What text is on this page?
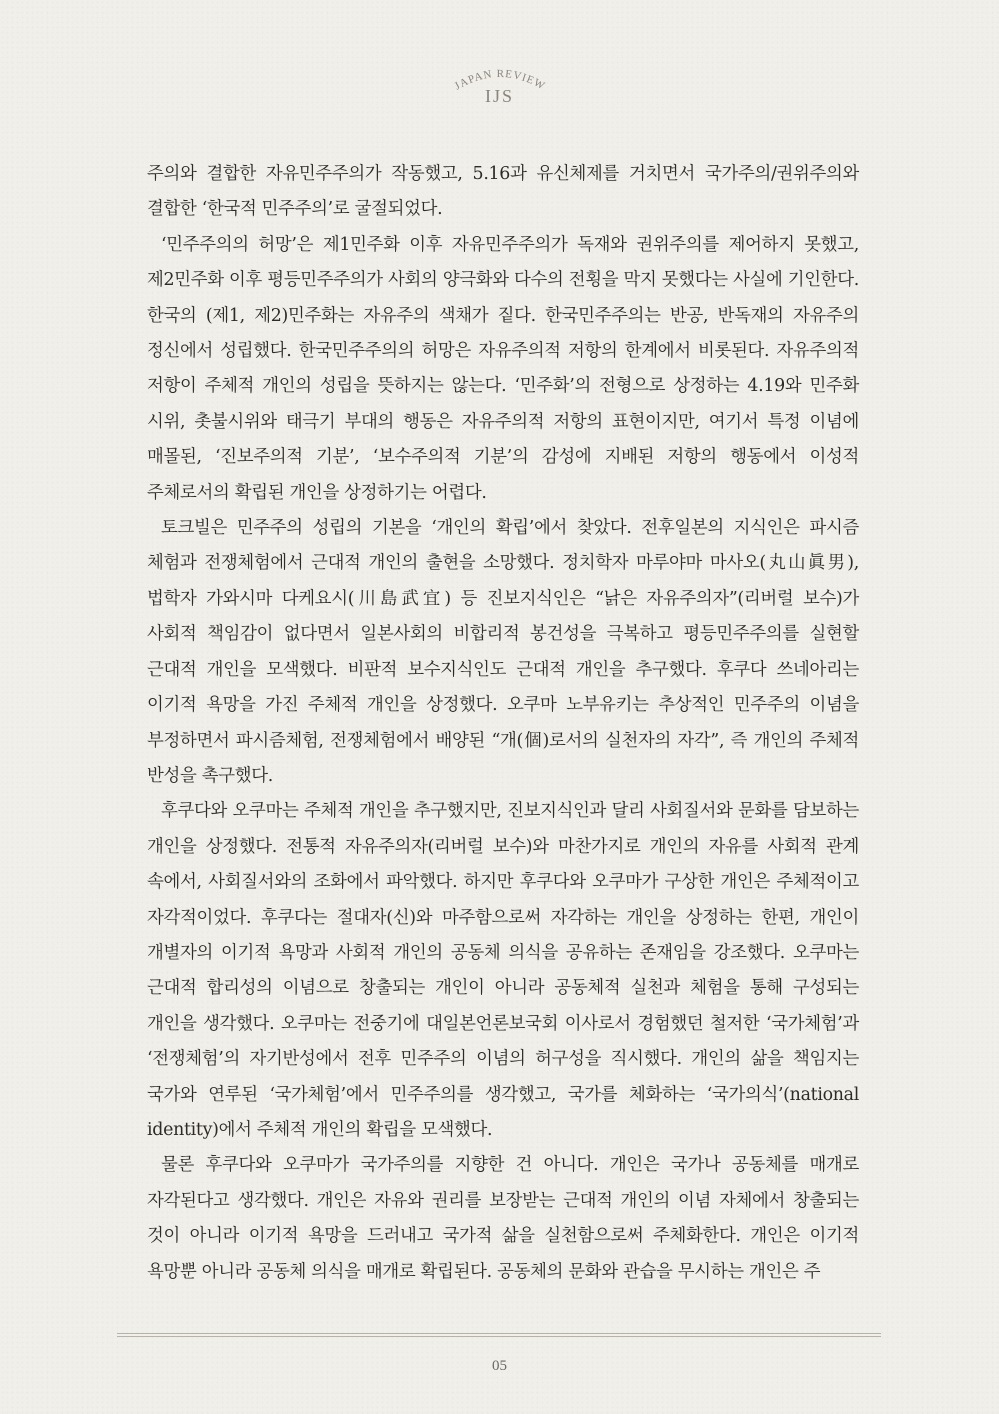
JAPAN REVIEW
IJS

주의와 결합한 자유민주주의가 작동했고, 5.16과 유신체제를 거치면서 국가주의/권위주의와 결합한 ‘한국적 민주주의’로 굴절되었다.

‘민주주의의 허망’은 제1민주화 이후 자유민주주의가 독재와 권위주의를 제어하지 못했고, 제2민주화 이후 평등민주주의가 사회의 양극화와 다수의 전횡을 막지 못했다는 사실에 기인한다. 한국의 (제1, 제2)민주화는 자유주의 색채가 짙다. 한국민주주의는 반공, 반독재의 자유주의 정신에서 성립했다. 한국민주주의의 허망은 자유주의적 저항의 한계에서 비롯된다. 자유주의적 저항이 주체적 개인의 성립을 뜻하지는 않는다. ‘민주화’의 전형으로 상정하는 4.19와 민주화 시위, 촛불시위와 태극기 부대의 행동은 자유주의적 저항의 표현이지만, 여기서 특정 이념에 매몰된, ‘진보주의적 기분’, ‘보수주의적 기분’의 감성에 지배된 저항의 행동에서 이성적 주체로서의 확립된 개인을 상정하기는 어렵다.

토크빌은 민주주의 성립의 기본을 ‘개인의 확립’에서 찾았다. 전후일본의 지식인은 파시즘 체험과 전쟁체험에서 근대적 개인의 출현을 소망했다. 정치학자 마루야마 마사오(丸山眞男), 법학자 가와시마 다케요시(川島武宜) 등 진보지식인은 “낡은 자유주의자”(리버럴 보수)가 사회적 책임감이 없다면서 일본사회의 비합리적 봉건성을 극복하고 평등민주주의를 실현할 근대적 개인을 모색했다. 비판적 보수지식인도 근대적 개인을 추구했다. 후쿠다 쓰네아리는 이기적 욕망을 가진 주체적 개인을 상정했다. 오쿠마 노부유키는 추상적인 민주주의 이념을 부정하면서 파시즘체험, 전쟁체험에서 배양된 “개(個)로서의 실천자의 자각”, 즉 개인의 주체적 반성을 촉구했다.

후쿠다와 오쿠마는 주체적 개인을 추구했지만, 진보지식인과 달리 사회질서와 문화를 담보하는 개인을 상정했다. 전통적 자유주의자(리버럴 보수)와 마찬가지로 개인의 자유를 사회적 관계 속에서, 사회질서와의 조화에서 파악했다. 하지만 후쿠다와 오쿠마가 구상한 개인은 주체적이고 자각적이었다. 후쿠다는 절대자(신)와 마주함으로써 자각하는 개인을 상정하는 한편, 개인이 개별자의 이기적 욕망과 사회적 개인의 공동체 의식을 공유하는 존재임을 강조했다. 오쿠마는 근대적 합리성의 이념으로 창출되는 개인이 아니라 공동체적 실천과 체험을 통해 구성되는 개인을 생각했다. 오쿠마는 전중기에 대일본언론보국회 이사로서 경험했던 철저한 ‘국가체험’과 ‘전쟁체험’의 자기반성에서 전후 민주주의 이념의 허구성을 직시했다. 개인의 삶을 책임지는 국가와 연루된 ‘국가체험’에서 민주주의를 생각했고, 국가를 체화하는 ‘국가의식’(national identity)에서 주체적 개인의 확립을 모색했다.

물론 후쿠다와 오쿠마가 국가주의를 지향한 건 아니다. 개인은 국가나 공동체를 매개로 자각된다고 생각했다. 개인은 자유와 권리를 보장받는 근대적 개인의 이념 자체에서 창출되는 것이 아니라 이기적 욕망을 드러내고 국가적 삶을 실천함으로써 주체화한다. 개인은 이기적 욕망뿐 아니라 공동체 의식을 매개로 확립된다. 공동체의 문화와 관습을 무시하는 개인은 주

05
